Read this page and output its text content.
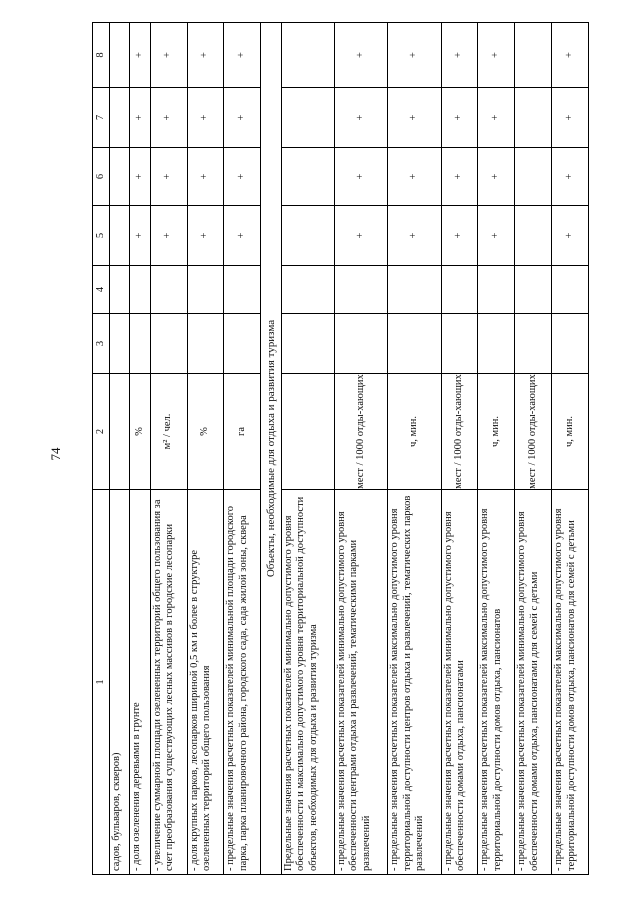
74
1	2	3	4	5	6	7	8
садов, бульваров, скверов)							
- доля озеленения деревьями в грунте	%			+	+	+	+
- увеличение суммарной площади озелененных территорий общего пользования за счет преобразования существующих лесных массивов в городские лесопарки	м² / чел.			+	+	+	+
- доля крупных парков, лесопарков шириной 0,5 км и более в структуре озелененных территорий общего пользования	%			+	+	+	+
- предельные значения расчетных показателей минимальной площади городского парка, парка планировочного района, городского сада, сада жилой зоны, сквера	га			+	+	+	+
Объекты, необходимые для отдыха и развития туризма							
Предельные значения расчетных показателей минимально допустимого уровня обеспеченности и максимально допустимого уровня территориальной доступности объектов, необходимых для отдыха и развития туризма							
- предельные значения расчетных показателей минимально допустимого уровня обеспеченности центрами отдыха и развлечений, тематическими парками развлечений	мест / 1000 отды-хающих			+	+	+	+
- предельные значения расчетных показателей максимально допустимого уровня территориальной доступности центров отдыха и развлечений, тематических парков развлечений	ч, мин.			+	+	+	+
- предельные значения расчетных показателей минимально допустимого уровня обеспеченности домами отдыха, пансионатами	мест / 1000 отды-хающих			+	+	+	+
- предельные значения расчетных показателей максимально допустимого уровня территориальной доступности домов отдыха, пансионатов	ч, мин.			+	+	+	+
- предельные значения расчетных показателей минимально допустимого уровня обеспеченности домами отдыха, пансионатами для семей с детьми	мест / 1000 отды-хающих						
- предельные значения расчетных показателей максимально допустимого уровня территориальной доступности домов отдыха, пансионатов для семей с детьми	ч, мин.			+	+	+	+
